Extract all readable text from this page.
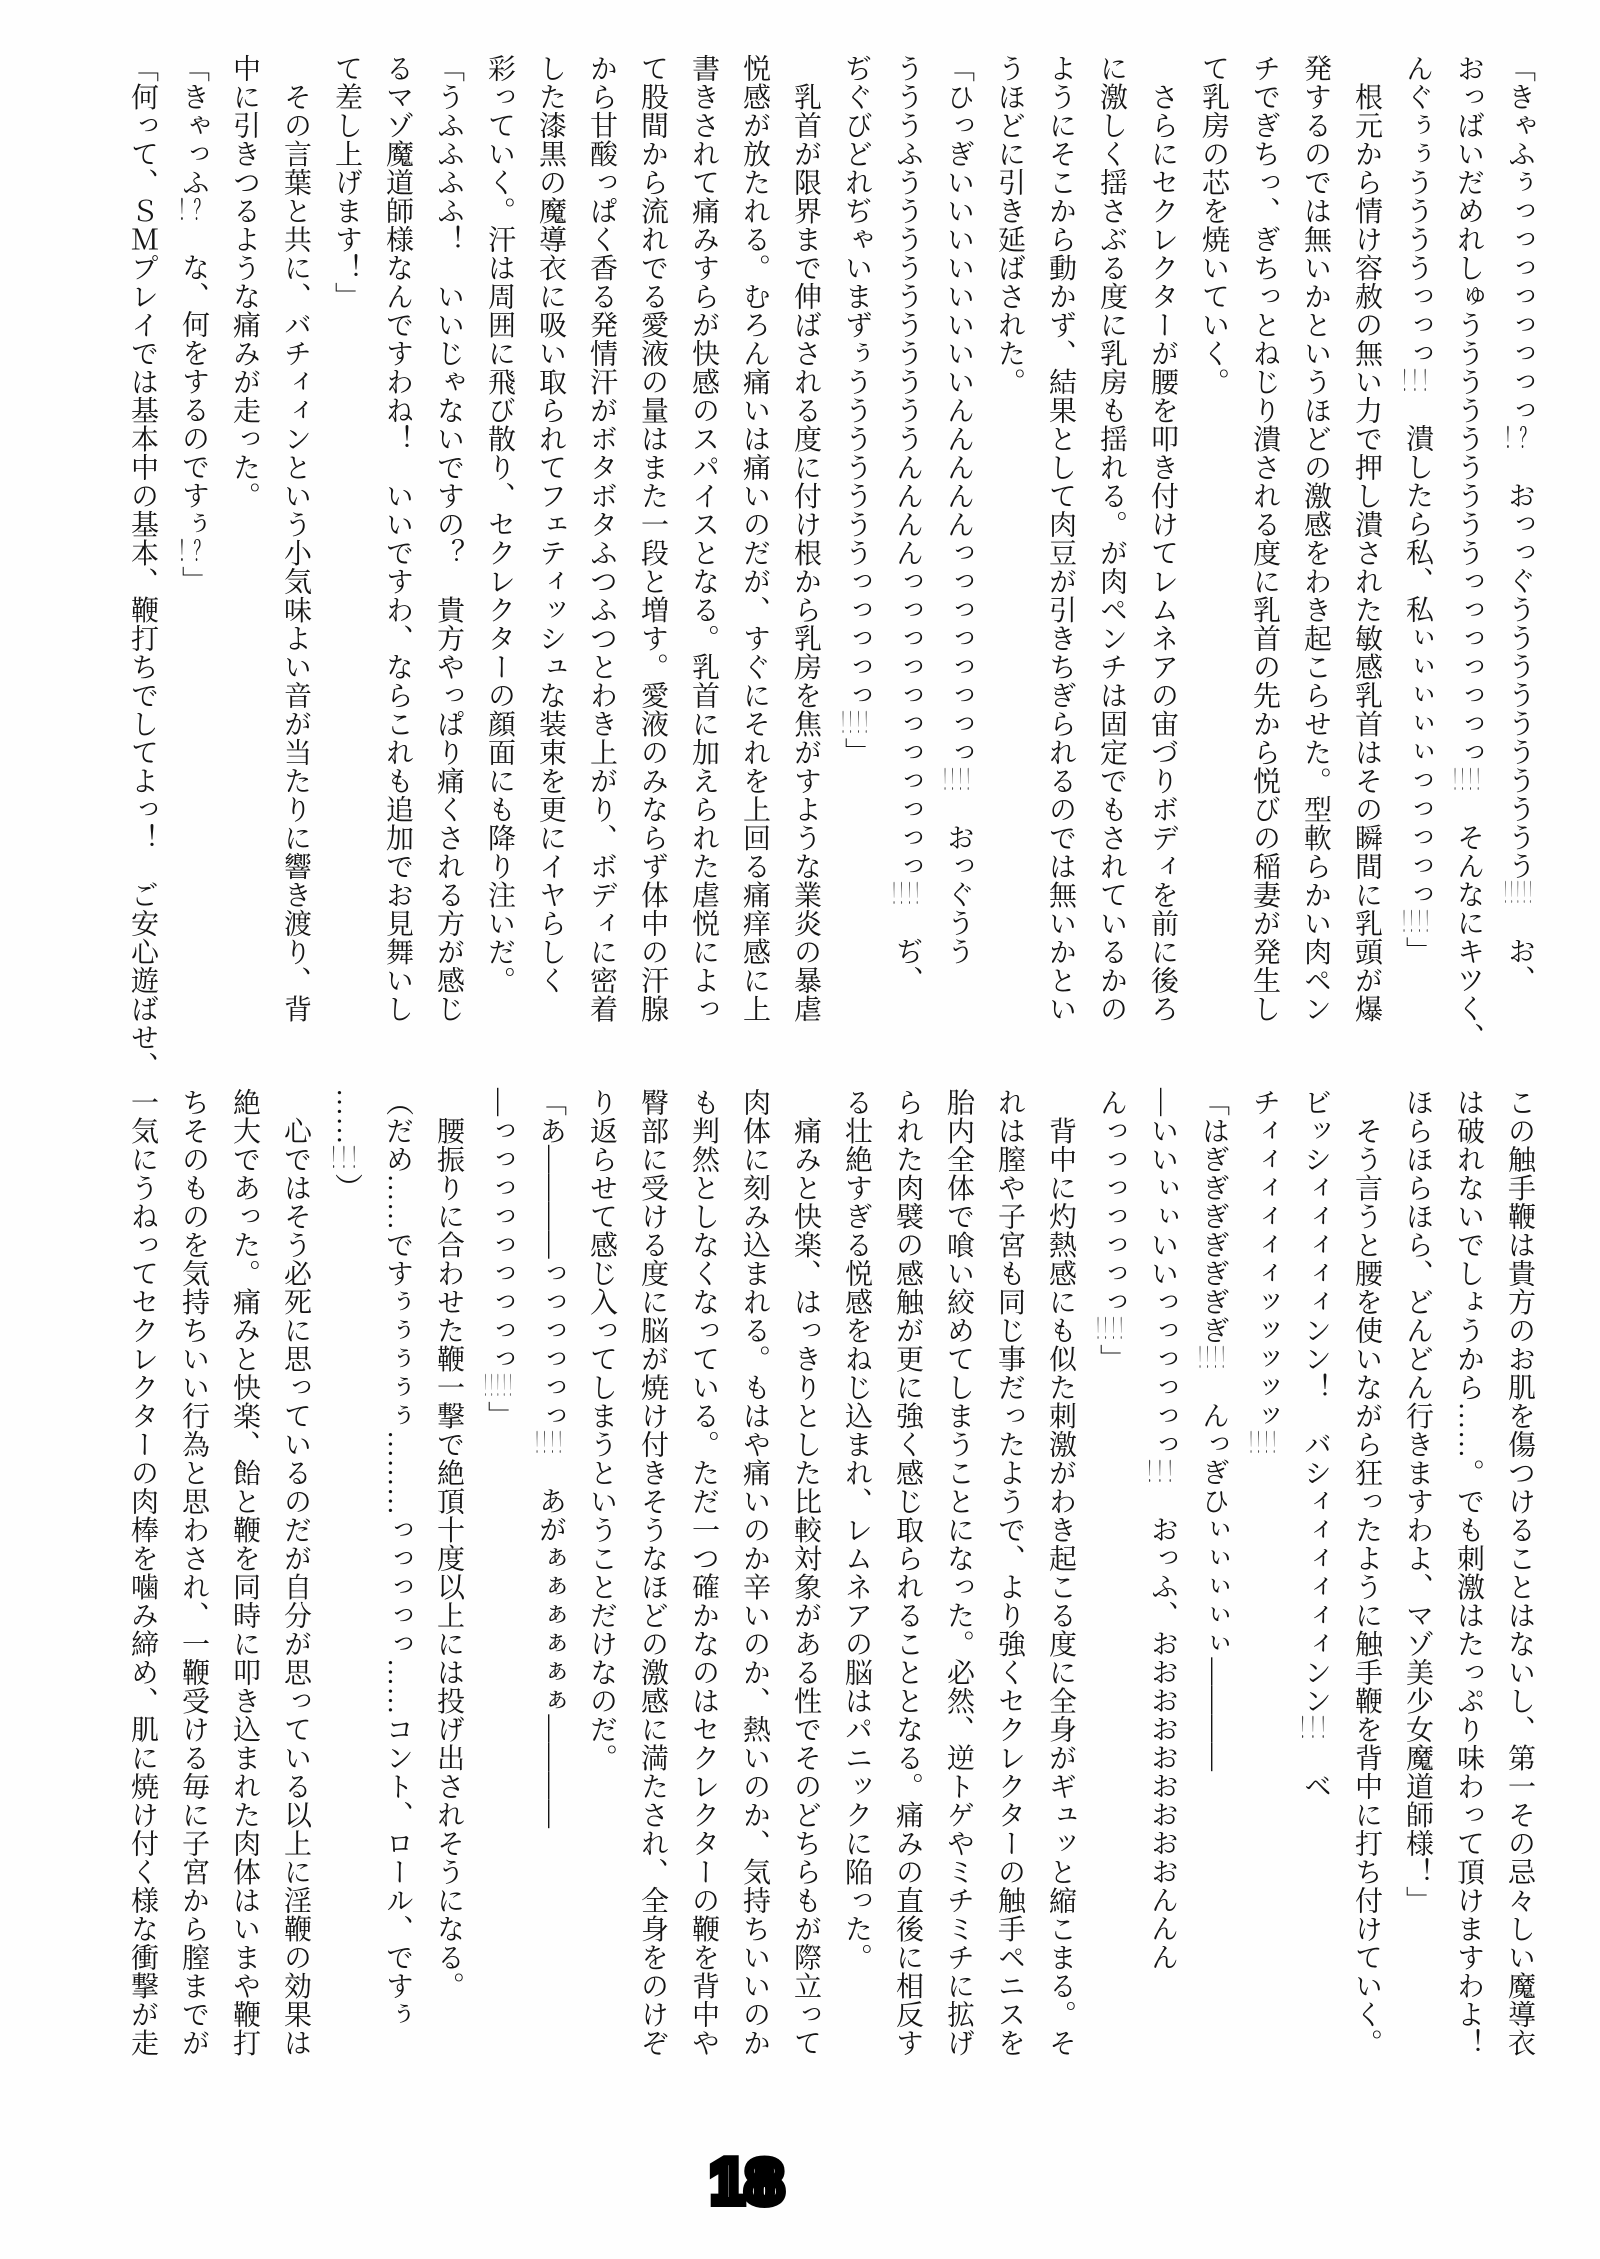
「きゃふぅっっっっっっっっ！？　おっっぐうううううううううう！！！！！　お、
おっばいだめれしゅうううううううううっっっっっっっ！！！！　そんなにキツく、
んぐぅぅううううっっっ！！！　潰したら私、私ぃぃぃぃぃっっっっっ！！！！」
　根元から情け容赦の無い力で押し潰された敏感乳首はその瞬間に乳頭が爆
発するのでは無いかというほどの激感をわき起こらせた。型軟らかい肉ペン
チでぎちっ、ぎちっとねじり潰される度に乳首の先から悦びの稲妻が発生し
て乳房の芯を焼いていく。
　さらにセクレクターが腰を叩き付けてレムネアの宙づりボディを前に後ろ
に激しく揺さぶる度に乳房も揺れる。が肉ペンチは固定でもされているかの
ようにそこから動かず、結果として肉豆が引きちぎられるのでは無いかとい
うほどに引き延ばされた。
「ひっぎいいいいいいいいんんんんんっっっっっっっっ！！！！　おっぐうう
うううふううううううううううんんんんっっっっっっっっっっっ！！！！　ぢ、
ぢぐびどれぢゃいまずぅうううううううっっっっっ！！！！」
　乳首が限界まで伸ばされる度に付け根から乳房を焦がすような業炎の暴虐
悦感が放たれる。むろん痛いは痛いのだが、すぐにそれを上回る痛痒感に上
書きされて痛みすらが快感のスパイスとなる。乳首に加えられた虐悦によっ
て股間から流れでる愛液の量はまた一段と増す。愛液のみならず体中の汗腺
から甘酸っぱく香る発情汗がボタボタふつふつとわき上がり、ボディに密着
した漆黒の魔導衣に吸い取られてフェティッシュな装束を更にイヤらしく
彩っていく。汗は周囲に飛び散り、セクレクターの顔面にも降り注いだ。
「うふふふふ！　いいじゃないですの？　貴方やっぱり痛くされる方が感じ
るマゾ魔道師様なんですわね！　いいですわ、ならこれも追加でお見舞いし
て差し上げます！」
　その言葉と共に、バチィィンという小気味よい音が当たりに響き渡り、背
中に引きつるような痛みが走った。
「きゃっふ！？　な、何をするのですぅ！？」
「何って、ＳＭプレイでは基本中の基本、鞭打ちでしてよっ！　ご安心遊ばせ、
この触手鞭は貴方のお肌を傷つけることはないし、第一その忌々しい魔導衣
は破れないでしょうから……。でも刺激はたっぷり味わって頂けますわよ！
ほらほらほら、どんどん行きますわよ、マゾ美少女魔道師様！」
　そう言うと腰を使いながら狂ったように触手鞭を背中に打ち付けていく。
ビッシィィィィィンン！　バシィィィィィィンン！！！　ベ
チィィィィィィッッッッッ！！！！
「はぎぎぎぎぎぎぎ！！！！　んっぎひぃぃぃぃぃ――――
―いいぃぃいいっっっっっっ！！！　おっふ、おおおおおおおおおんんん
んっっっっっっっ！！！！」
　背中に灼熱感にも似た刺激がわき起こる度に全身がギュッと縮こまる。そ
れは膣や子宮も同じ事だったようで、より強くセクレクターの触手ペニスを
胎内全体で喰い絞めてしまうことになった。必然、逆トゲやミチミチに拡げ
られた肉襞の感触が更に強く感じ取られることとなる。痛みの直後に相反す
る壮絶すぎる悦感をねじ込まれ、レムネアの脳はパニックに陥った。
　痛みと快楽、はっきりとした比較対象がある性でそのどちらもが際立って
肉体に刻み込まれる。もはや痛いのか辛いのか、熱いのか、気持ちいいのか
も判然としなくなっている。ただ一つ確かなのはセクレクターの鞭を背中や
臀部に受ける度に脳が焼け付きそうなほどの激感に満たされ、全身をのけぞ
り返らせて感じ入ってしまうということだけなのだ。
「あ――――っっっっっっ！！！！　あがぁぁぁぁぁぁ――――
―っっっっっっっっっ！！！！！」
　腰振りに合わせた鞭一撃で絶頂十度以上には投げ出されそうになる。
（だめ……ですぅぅぅぅぅ………っっっっっ……コント、ロール、ですぅ
……！！！）
　心ではそう必死に思っているのだが自分が思っている以上に淫鞭の効果は
絶大であった。痛みと快楽、飴と鞭を同時に叩き込まれた肉体はいまや鞭打
ちそのものを気持ちいい行為と思わされ、一鞭受ける毎に子宮から膣までが
一気にうねってセクレクターの肉棒を噛み締め、肌に焼け付く様な衝撃が走
18
